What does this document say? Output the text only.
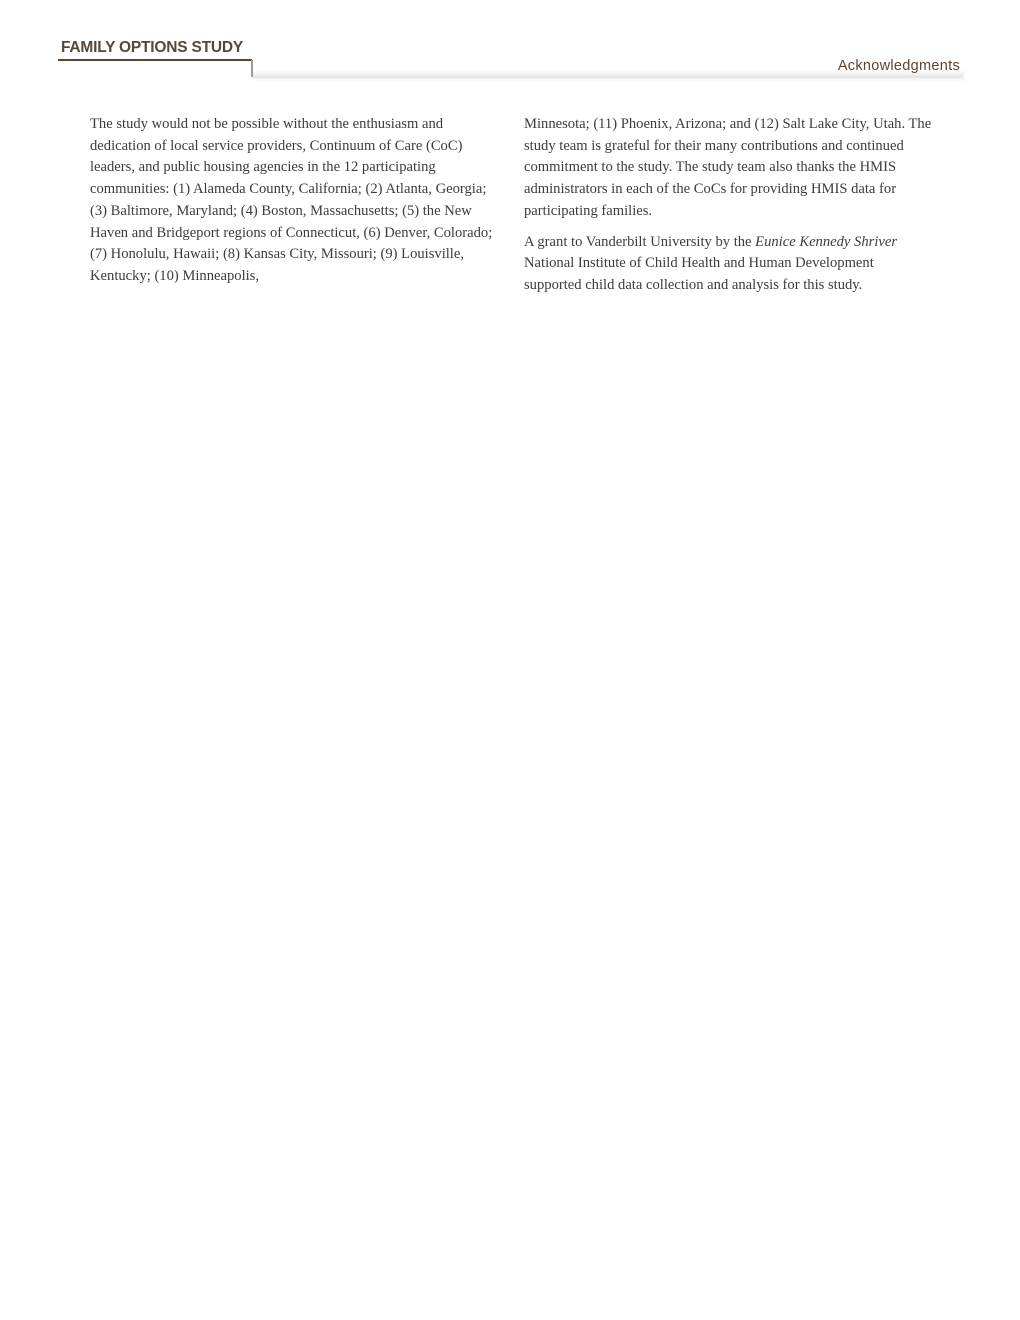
FAMILY OPTIONS STUDY
Acknowledgments

The study would not be possible without the enthusiasm and dedication of local service providers, Continuum of Care (CoC) leaders, and public housing agencies in the 12 participating communities: (1) Alameda County, California; (2) Atlanta, Georgia; (3) Baltimore, Maryland; (4) Boston, Massachusetts; (5) the New Haven and Bridgeport regions of Connecticut, (6) Denver, Colorado; (7) Honolulu, Hawaii; (8) Kansas City, Missouri; (9) Louisville, Kentucky; (10) Minneapolis,

Minnesota; (11) Phoenix, Arizona; and (12) Salt Lake City, Utah. The study team is grateful for their many contributions and continued commitment to the study. The study team also thanks the HMIS administrators in each of the CoCs for providing HMIS data for participating families.

A grant to Vanderbilt University by the Eunice Kennedy Shriver National Institute of Child Health and Human Development supported child data collection and analysis for this study.
